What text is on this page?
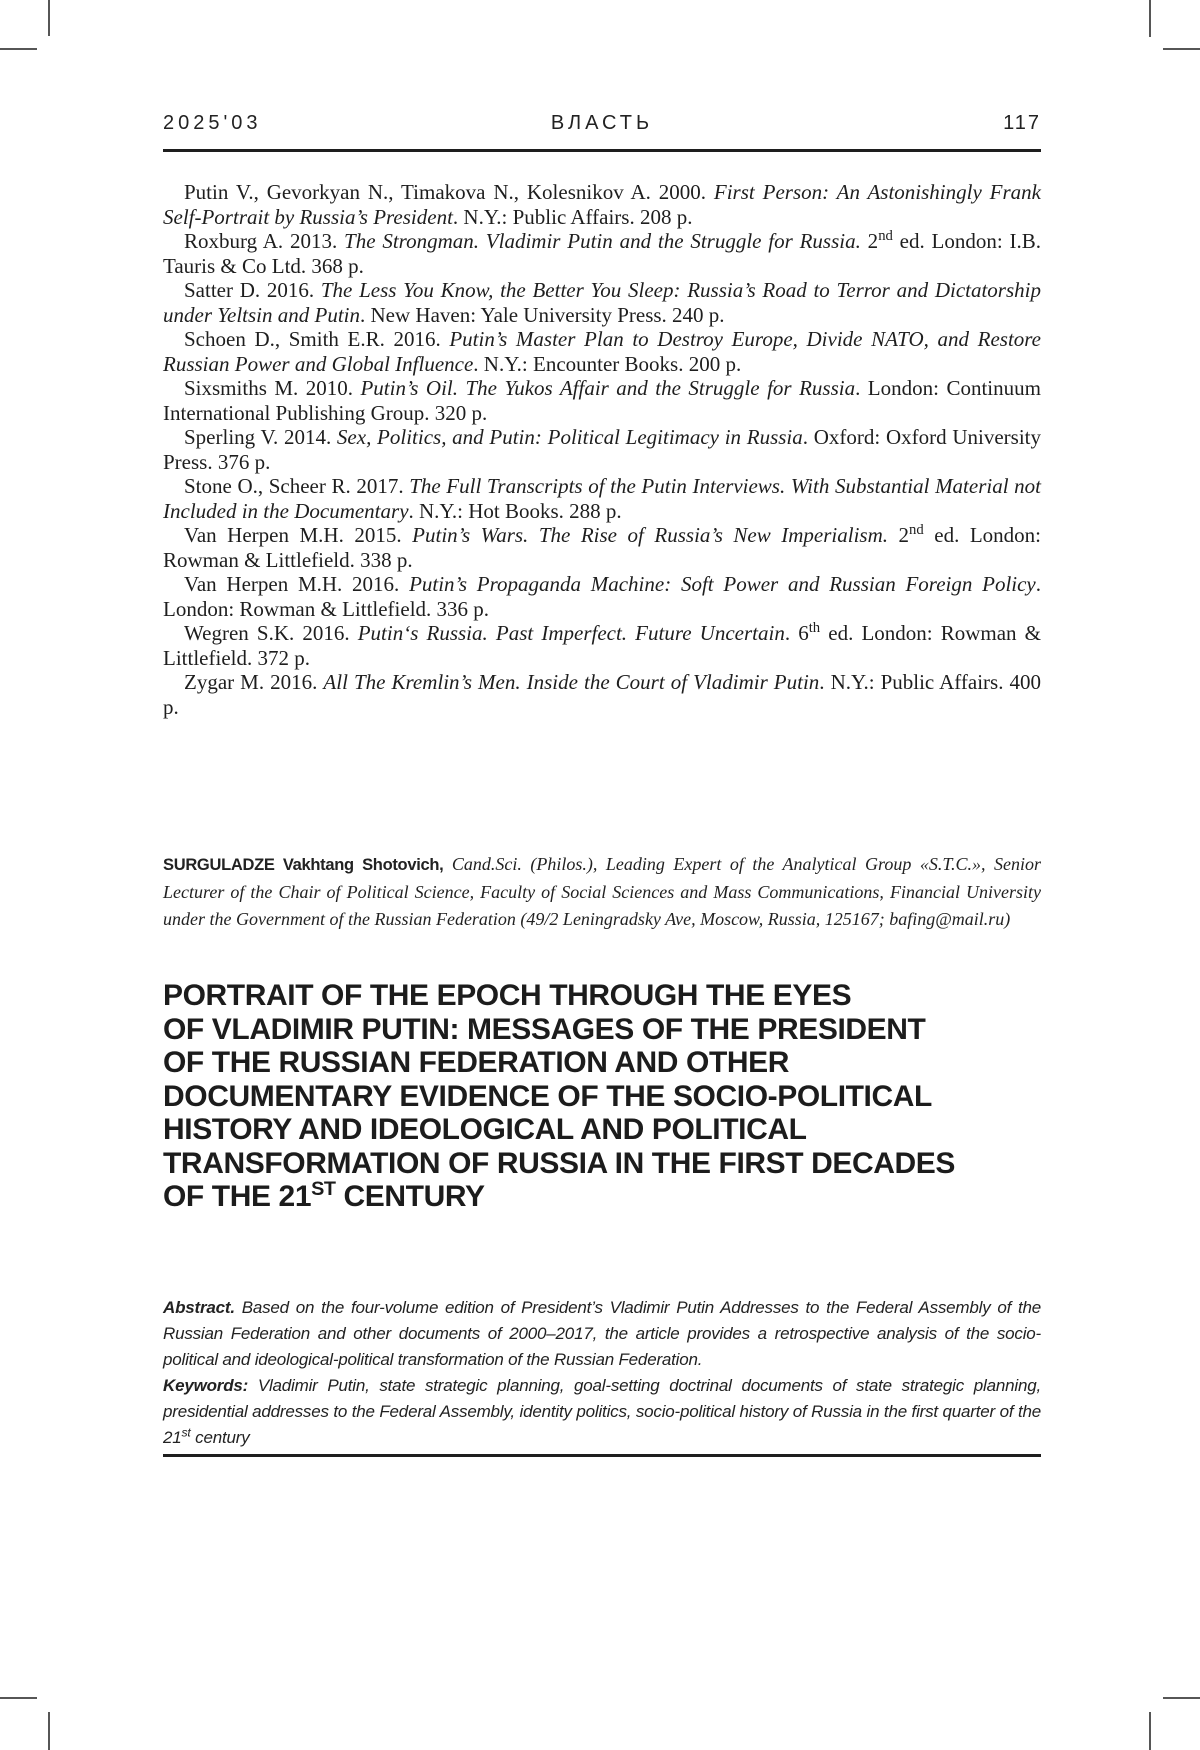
2025'03	ВЛАСТЬ	117

Putin V., Gevorkyan N., Timakova N., Kolesnikov A. 2000. First Person: An Astonishingly Frank Self-Portrait by Russia’s President. N.Y.: Public Affairs. 208 p.

Roxburg A. 2013. The Strongman. Vladimir Putin and the Struggle for Russia. 2nd ed. London: I.B. Tauris & Co Ltd. 368 p.

Satter D. 2016. The Less You Know, the Better You Sleep: Russia’s Road to Terror and Dictatorship under Yeltsin and Putin. New Haven: Yale University Press. 240 p.

Schoen D., Smith E.R. 2016. Putin’s Master Plan to Destroy Europe, Divide NATO, and Restore Russian Power and Global Influence. N.Y.: Encounter Books. 200 p.

Sixsmiths M. 2010. Putin’s Oil. The Yukos Affair and the Struggle for Russia. London: Continuum International Publishing Group. 320 p.

Sperling V. 2014. Sex, Politics, and Putin: Political Legitimacy in Russia. Oxford: Oxford University Press. 376 p.

Stone O., Scheer R. 2017. The Full Transcripts of the Putin Interviews. With Substantial Material not Included in the Documentary. N.Y.: Hot Books. 288 p.

Van Herpen M.H. 2015. Putin’s Wars. The Rise of Russia’s New Imperialism. 2nd ed. London: Rowman & Littlefield. 338 p.

Van Herpen M.H. 2016. Putin’s Propaganda Machine: Soft Power and Russian Foreign Policy. London: Rowman & Littlefield. 336 p.

Wegren S.K. 2016. Putin‘s Russia. Past Imperfect. Future Uncertain. 6th ed. London: Rowman & Littlefield. 372 p.

Zygar M. 2016. All The Kremlin’s Men. Inside the Court of Vladimir Putin. N.Y.: Public Affairs. 400 p.

SURGULADZE Vakhtang Shotovich, Cand.Sci. (Philos.), Leading Expert of the Analytical Group «S.T.C.», Senior Lecturer of the Chair of Political Science, Faculty of Social Sciences and Mass Communications, Financial University under the Government of the Russian Federation (49/2 Leningradsky Ave, Moscow, Russia, 125167; bafing@mail.ru)
PORTRAIT OF THE EPOCH THROUGH THE EYES
OF VLADIMIR PUTIN: MESSAGES OF THE PRESIDENT
OF THE RUSSIAN FEDERATION AND OTHER
DOCUMENTARY EVIDENCE OF THE SOCIO-POLITICAL
HISTORY AND IDEOLOGICAL AND POLITICAL
TRANSFORMATION OF RUSSIA IN THE FIRST DECADES
OF THE 21ST CENTURY

Abstract. Based on the four-volume edition of President’s Vladimir Putin Addresses to the Federal Assembly of the Russian Federation and other documents of 2000–2017, the article provides a retrospective analysis of the socio-political and ideological-political transformation of the Russian Federation.

Keywords: Vladimir Putin, state strategic planning, goal-setting doctrinal documents of state strategic planning, presidential addresses to the Federal Assembly, identity politics, socio-political history of Russia in the first quarter of the 21st century
